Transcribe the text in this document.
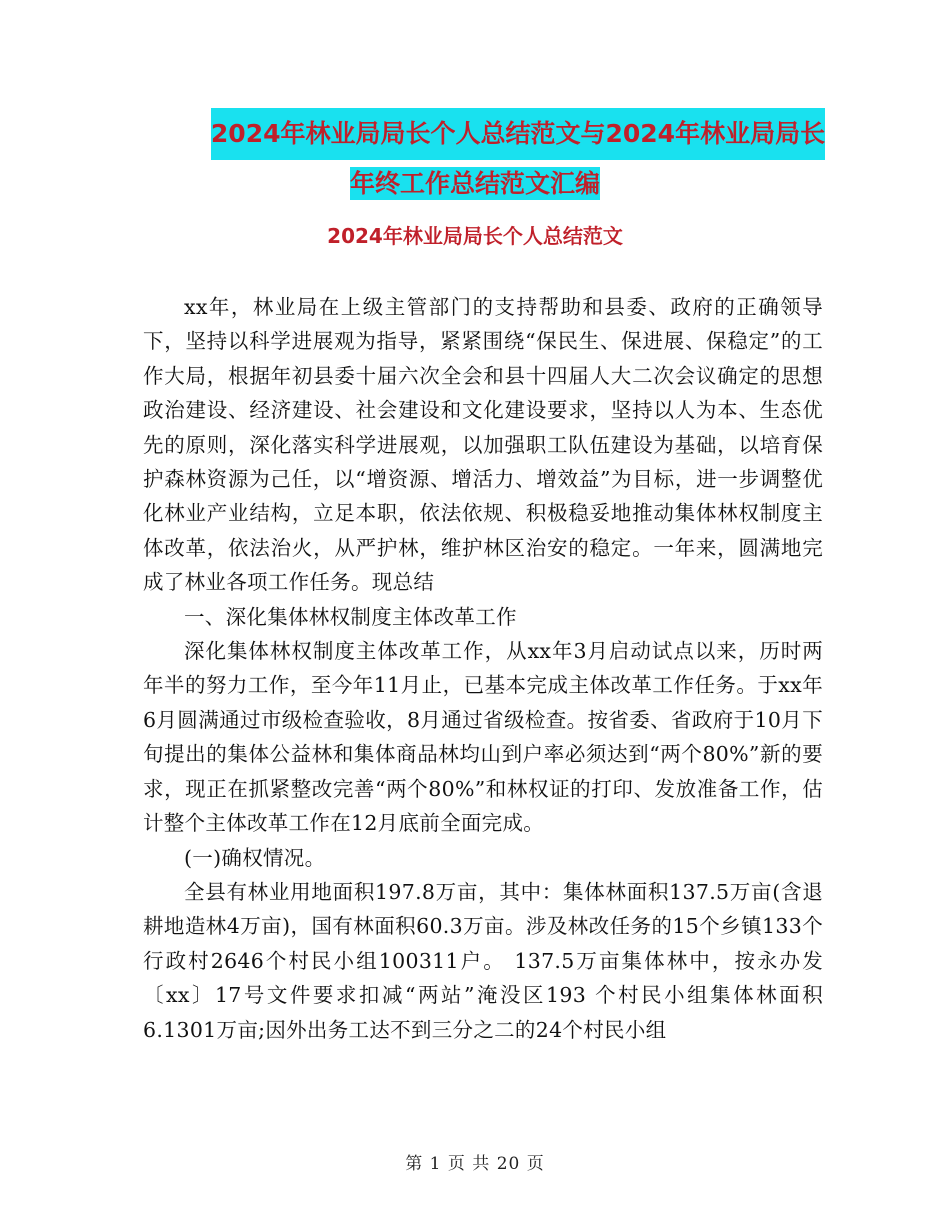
2024年林业局局长个人总结范文与2024年林业局局长
年终工作总结范文汇编
2024年林业局局长个人总结范文

xx年，林业局在上级主管部门的支持帮助和县委、政府的正确领导下，坚持以科学进展观为指导，紧紧围绕“保民生、保进展、保稳定”的工作大局，根据年初县委十届六次全会和县十四届人大二次会议确定的思想政治建设、经济建设、社会建设和文化建设要求，坚持以人为本、生态优先的原则，深化落实科学进展观，以加强职工队伍建设为基础，以培育保护森林资源为己任，以“增资源、增活力、增效益”为目标，进一步调整优化林业产业结构，立足本职，依法依规、积极稳妥地推动集体林权制度主体改革，依法治火，从严护林，维护林区治安的稳定。一年来，圆满地完成了林业各项工作任务。现总结

一、深化集体林权制度主体改革工作

深化集体林权制度主体改革工作，从xx年3月启动试点以来，历时两年半的努力工作，至今年11月止，已基本完成主体改革工作任务。于xx年6月圆满通过市级检查验收，8月通过省级检查。按省委、省政府于10月下旬提出的集体公益林和集体商品林均山到户率必须达到“两个80%”新的要求，现正在抓紧整改完善“两个80%”和林权证的打印、发放准备工作，估计整个主体改革工作在12月底前全面完成。

(一)确权情况。

全县有林业用地面积197.8万亩，其中：集体林面积137.5万亩(含退耕地造林4万亩)，国有林面积60.3万亩。涉及林改任务的15个乡镇133个行政村2646个村民小组100311户。 137.5万亩集体林中，按永办发〔xx〕17号文件要求扣减“两站”淹没区193 个村民小组集体林面积6.1301万亩;因外出务工达不到三分之二的24个村民小组

第 1 页 共 20 页
